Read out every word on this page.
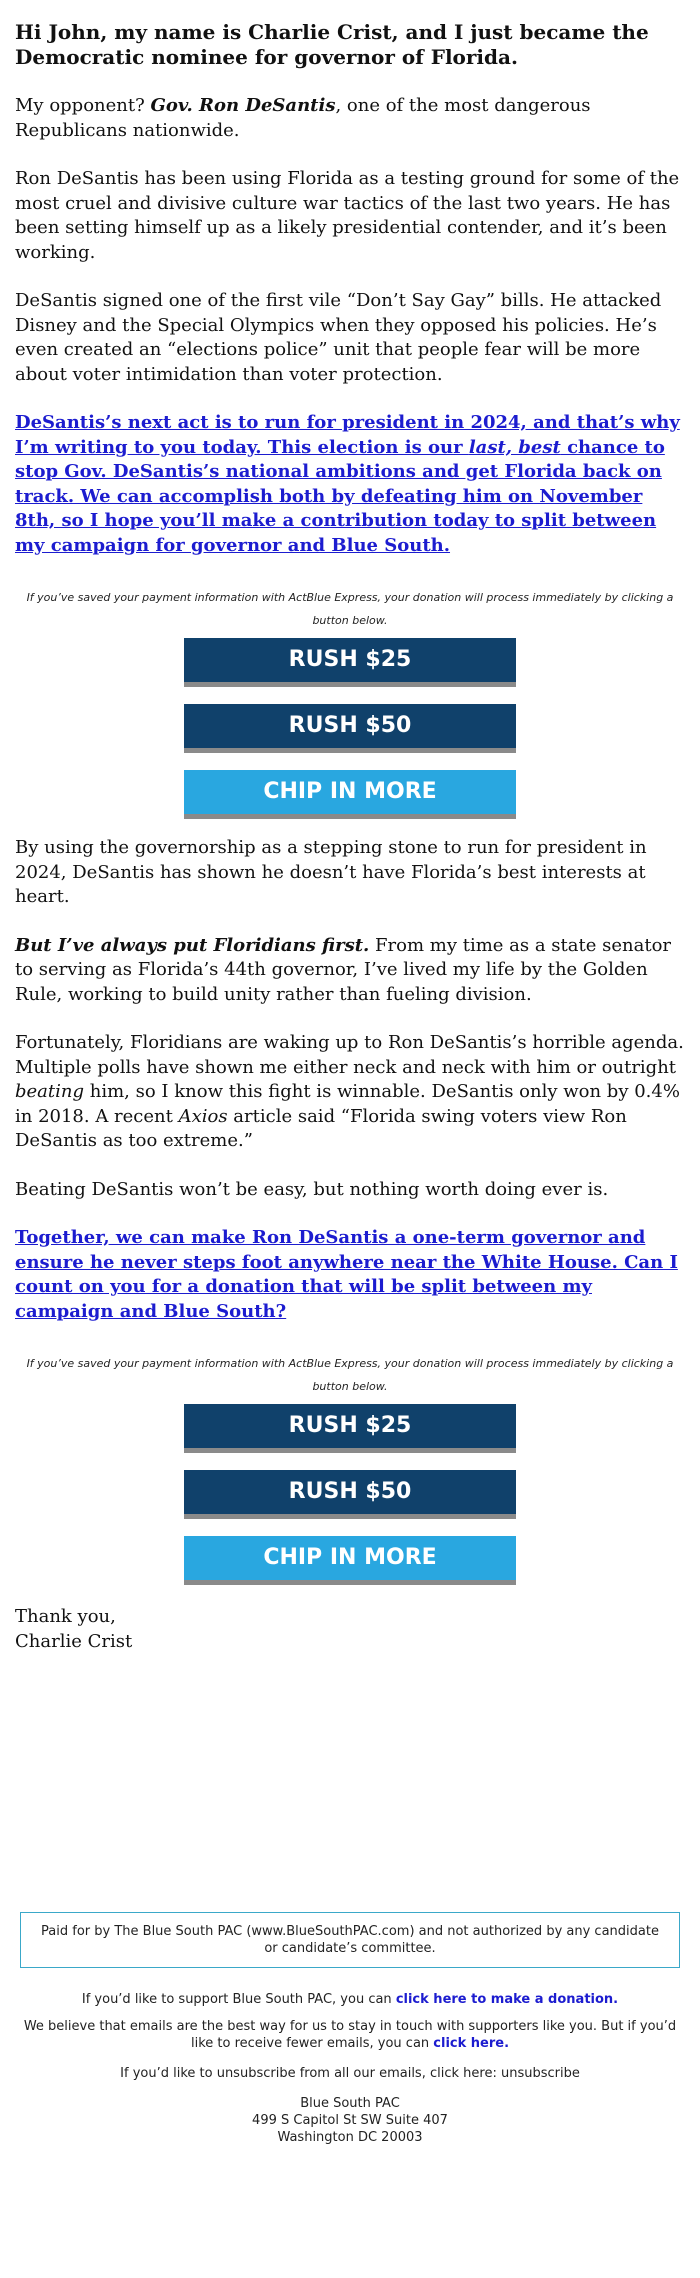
Hi John, my name is Charlie Crist, and I just became the Democratic nominee for governor of Florida.

My opponent? Gov. Ron DeSantis, one of the most dangerous Republicans nationwide.

Ron DeSantis has been using Florida as a testing ground for some of the most cruel and divisive culture war tactics of the last two years. He has been setting himself up as a likely presidential contender, and it’s been working.

DeSantis signed one of the first vile “Don’t Say Gay” bills. He attacked Disney and the Special Olympics when they opposed his policies. He’s even created an “elections police” unit that people fear will be more about voter intimidation than voter protection.

DeSantis’s next act is to run for president in 2024, and that’s why I’m writing to you today. This election is our last, best chance to stop Gov. DeSantis’s national ambitions and get Florida back on track. We can accomplish both by defeating him on November 8th, so I hope you’ll make a contribution today to split between my campaign for governor and Blue South.

If you’ve saved your payment information with ActBlue Express, your donation will process immediately by clicking a button below.

RUSH $25
RUSH $50
CHIP IN MORE

By using the governorship as a stepping stone to run for president in 2024, DeSantis has shown he doesn’t have Florida’s best interests at heart.

But I’ve always put Floridians first. From my time as a state senator to serving as Florida’s 44th governor, I’ve lived my life by the Golden Rule, working to build unity rather than fueling division.

Fortunately, Floridians are waking up to Ron DeSantis’s horrible agenda. Multiple polls have shown me either neck and neck with him or outright beating him, so I know this fight is winnable. DeSantis only won by 0.4% in 2018. A recent Axios article said “Florida swing voters view Ron DeSantis as too extreme.”

Beating DeSantis won’t be easy, but nothing worth doing ever is.

Together, we can make Ron DeSantis a one-term governor and ensure he never steps foot anywhere near the White House. Can I count on you for a donation that will be split between my campaign and Blue South?

If you’ve saved your payment information with ActBlue Express, your donation will process immediately by clicking a button below.

RUSH $25
RUSH $50
CHIP IN MORE

Thank you,
Charlie Crist

Paid for by The Blue South PAC (www.BlueSouthPAC.com) and not authorized by any candidate or candidate’s committee.

If you’d like to support Blue South PAC, you can click here to make a donation.

We believe that emails are the best way for us to stay in touch with supporters like you. But if you’d like to receive fewer emails, you can click here.

If you’d like to unsubscribe from all our emails, click here: unsubscribe

Blue South PAC
499 S Capitol St SW Suite 407
Washington DC 20003
